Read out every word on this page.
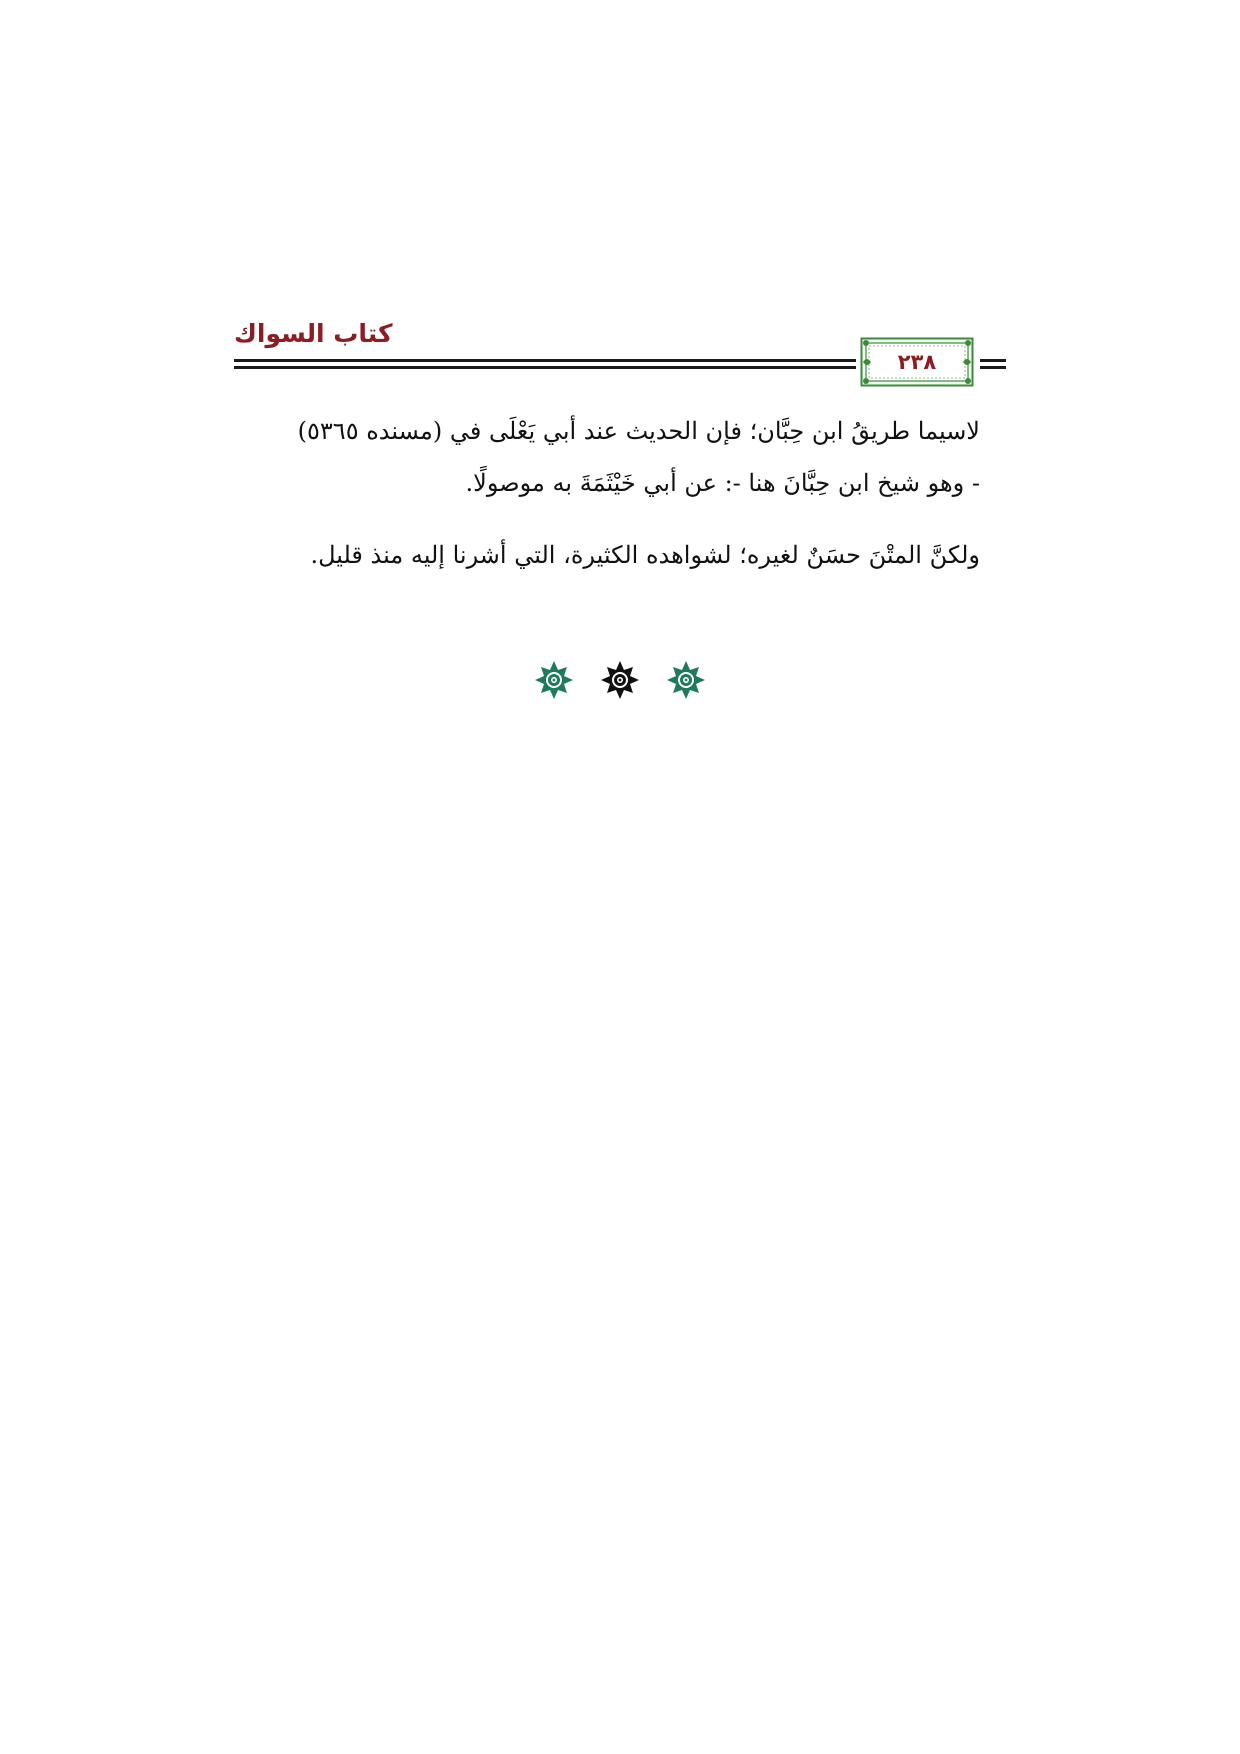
كتاب السواك
٢٣٨
لاسيما طريقُ ابن حِبَّان؛ فإن الحديث عند أبي يَعْلَى في (مسنده ٥٣٦٥)
- وهو شيخ ابن حِبَّانَ هنا -: عن أبي خَيْثَمَةَ به موصولًا.
ولكنَّ المتْنَ حسَنٌ لغيره؛ لشواهده الكثيرة، التي أشرنا إليه منذ قليل.
